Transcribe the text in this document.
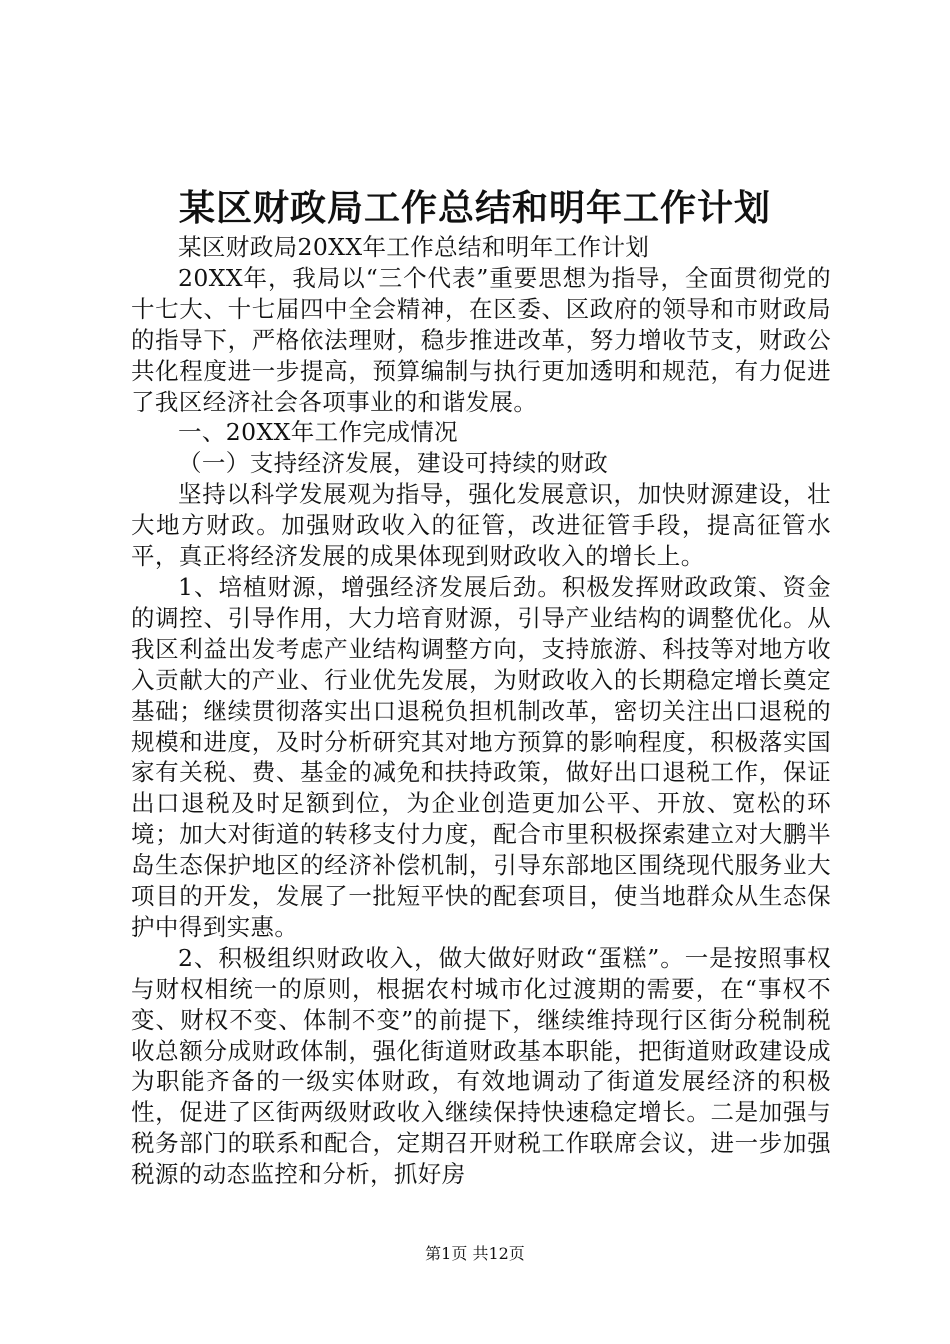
某区财政局工作总结和明年工作计划

某区财政局20XX年工作总结和明年工作计划

20XX年，我局以“三个代表”重要思想为指导，全面贯彻党的十七大、十七届四中全会精神，在区委、区政府的领导和市财政局的指导下，严格依法理财，稳步推进改革，努力增收节支，财政公共化程度进一步提高，预算编制与执行更加透明和规范，有力促进了我区经济社会各项事业的和谐发展。

一、20XX年工作完成情况

（一）支持经济发展，建设可持续的财政

坚持以科学发展观为指导，强化发展意识，加快财源建设，壮大地方财政。加强财政收入的征管，改进征管手段，提高征管水平，真正将经济发展的成果体现到财政收入的增长上。

1、培植财源，增强经济发展后劲。积极发挥财政政策、资金的调控、引导作用，大力培育财源，引导产业结构的调整优化。从我区利益出发考虑产业结构调整方向，支持旅游、科技等对地方收入贡献大的产业、行业优先发展，为财政收入的长期稳定增长奠定基础；继续贯彻落实出口退税负担机制改革，密切关注出口退税的规模和进度，及时分析研究其对地方预算的影响程度，积极落实国家有关税、费、基金的减免和扶持政策，做好出口退税工作，保证出口退税及时足额到位，为企业创造更加公平、开放、宽松的环境；加大对街道的转移支付力度，配合市里积极探索建立对大鹏半岛生态保护地区的经济补偿机制，引导东部地区围绕现代服务业大项目的开发，发展了一批短平快的配套项目，使当地群众从生态保护中得到实惠。

2、积极组织财政收入，做大做好财政“蛋糕”。一是按照事权与财权相统一的原则，根据农村城市化过渡期的需要，在“事权不变、财权不变、体制不变”的前提下，继续维持现行区街分税制税收总额分成财政体制，强化街道财政基本职能，把街道财政建设成为职能齐备的一级实体财政，有效地调动了街道发展经济的积极性，促进了区街两级财政收入继续保持快速稳定增长。二是加强与税务部门的联系和配合，定期召开财税工作联席会议，进一步加强税源的动态监控和分析，抓好房

第1页 共12页
